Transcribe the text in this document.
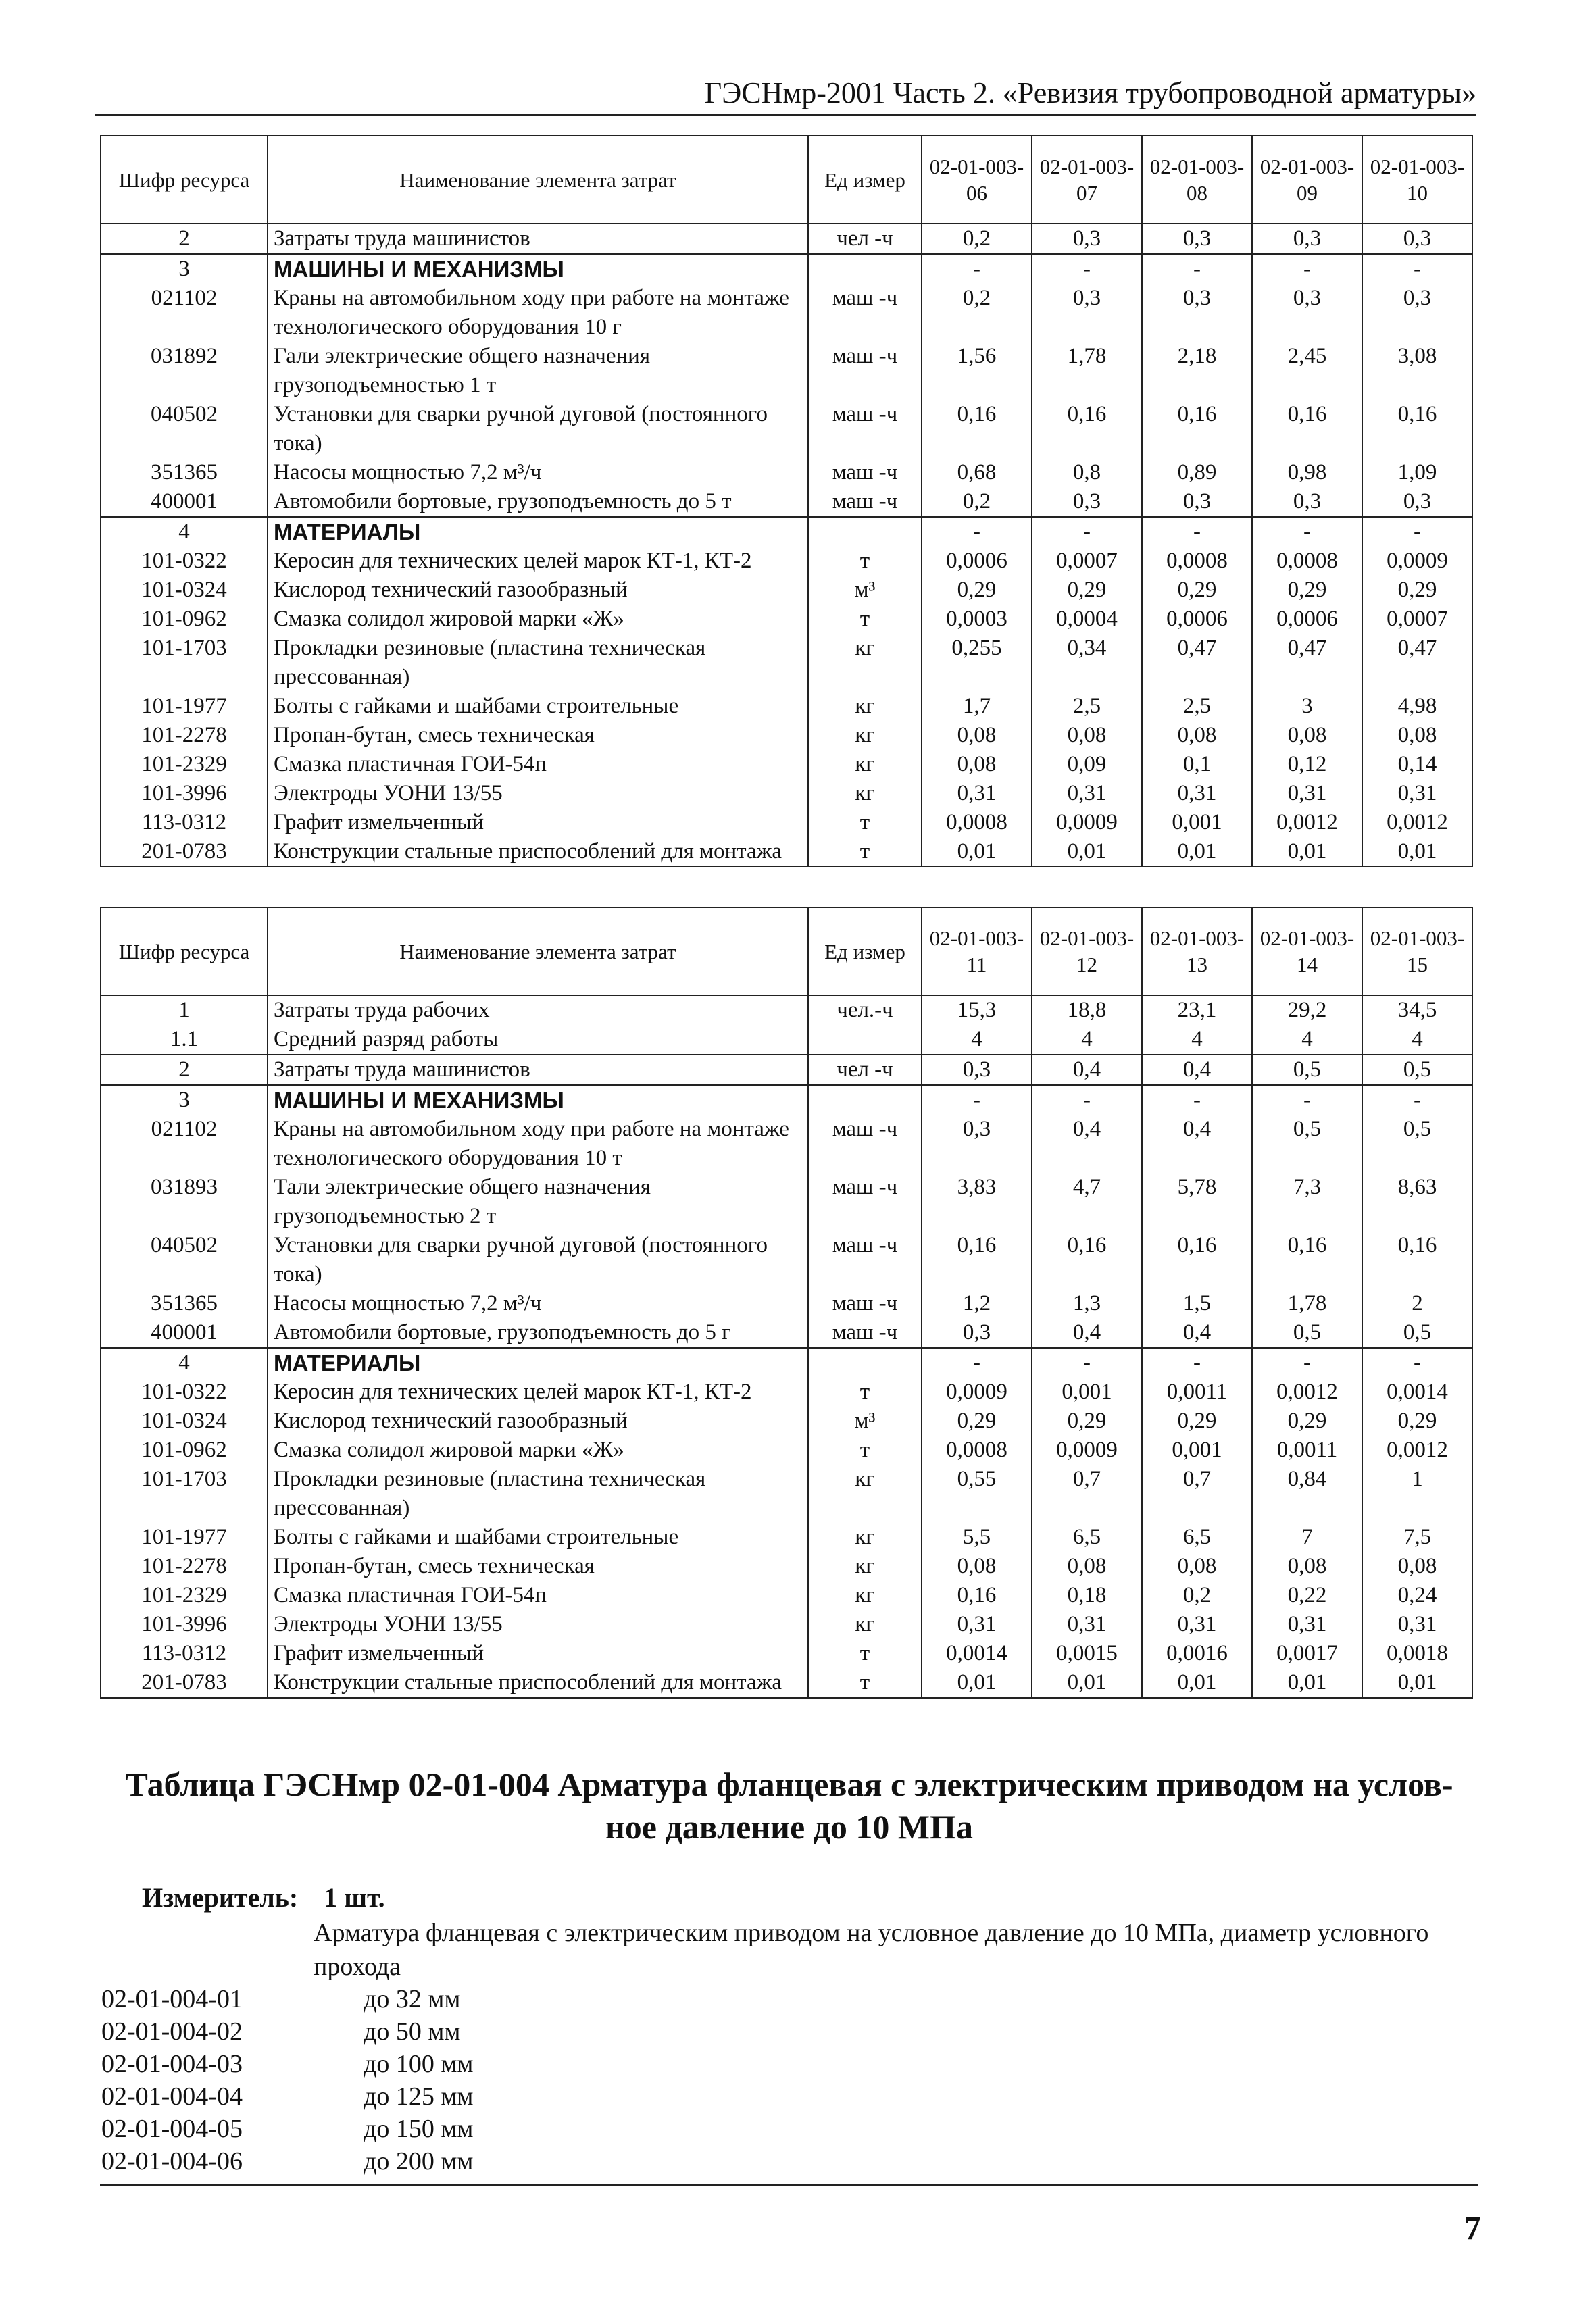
ГЭСНмр-2001 Часть 2. «Ревизия трубопроводной арматуры»
Шифр ресурса	Наименование элемента затрат	Ед измер	02-01-003-06	02-01-003-07	02-01-003-08	02-01-003-09	02-01-003-10
2	Затраты труда машинистов	чел -ч	0,2	0,3	0,3	0,3	0,3
3	МАШИНЫ И МЕХАНИЗМЫ		-	-	-	-	-
021102	Краны на автомобильном ходу при работе на монтаже технологического оборудования 10 г	маш -ч	0,2	0,3	0,3	0,3	0,3
031892	Гали электрические общего назначения грузоподъемностью 1 т	маш -ч	1,56	1,78	2,18	2,45	3,08
040502	Установки для сварки ручной дуговой (постоянного тока)	маш -ч	0,16	0,16	0,16	0,16	0,16
351365	Насосы мощностью 7,2 м³/ч	маш -ч	0,68	0,8	0,89	0,98	1,09
400001	Автомобили бортовые, грузоподъемность до 5 т	маш -ч	0,2	0,3	0,3	0,3	0,3
4	МАТЕРИАЛЫ		-	-	-	-	-
101-0322	Керосин для технических целей марок КТ-1, КТ-2	т	0,0006	0,0007	0,0008	0,0008	0,0009
101-0324	Кислород технический газообразный	м³	0,29	0,29	0,29	0,29	0,29
101-0962	Смазка солидол жировой марки «Ж»	т	0,0003	0,0004	0,0006	0,0006	0,0007
101-1703	Прокладки резиновые (пластина техническая прессованная)	кг	0,255	0,34	0,47	0,47	0,47
101-1977	Болты с гайками и шайбами строительные	кг	1,7	2,5	2,5	3	4,98
101-2278	Пропан-бутан, смесь техническая	кг	0,08	0,08	0,08	0,08	0,08
101-2329	Смазка пластичная ГОИ-54п	кг	0,08	0,09	0,1	0,12	0,14
101-3996	Электроды УОНИ 13/55	кг	0,31	0,31	0,31	0,31	0,31
113-0312	Графит измельченный	т	0,0008	0,0009	0,001	0,0012	0,0012
201-0783	Конструкции стальные приспособлений для монтажа	т	0,01	0,01	0,01	0,01	0,01
Шифр ресурса	Наименование элемента затрат	Ед измер	02-01-003-11	02-01-003-12	02-01-003-13	02-01-003-14	02-01-003-15
1	Затраты труда рабочих	чел.-ч	15,3	18,8	23,1	29,2	34,5
1.1	Средний разряд работы		4	4	4	4	4
2	Затраты труда машинистов	чел -ч	0,3	0,4	0,4	0,5	0,5
3	МАШИНЫ И МЕХАНИЗМЫ		-	-	-	-	-
021102	Краны на автомобильном ходу при работе на монтаже технологического оборудования 10 т	маш -ч	0,3	0,4	0,4	0,5	0,5
031893	Тали электрические общего назначения грузоподъемностью 2 т	маш -ч	3,83	4,7	5,78	7,3	8,63
040502	Установки для сварки ручной дуговой (постоянного тока)	маш -ч	0,16	0,16	0,16	0,16	0,16
351365	Насосы мощностью 7,2 м³/ч	маш -ч	1,2	1,3	1,5	1,78	2
400001	Автомобили бортовые, грузоподъемность до 5 г	маш -ч	0,3	0,4	0,4	0,5	0,5
4	МАТЕРИАЛЫ		-	-	-	-	-
101-0322	Керосин для технических целей марок КТ-1, КТ-2	т	0,0009	0,001	0,0011	0,0012	0,0014
101-0324	Кислород технический газообразный	м³	0,29	0,29	0,29	0,29	0,29
101-0962	Смазка солидол жировой марки «Ж»	т	0,0008	0,0009	0,001	0,0011	0,0012
101-1703	Прокладки резиновые (пластина техническая прессованная)	кг	0,55	0,7	0,7	0,84	1
101-1977	Болты с гайками и шайбами строительные	кг	5,5	6,5	6,5	7	7,5
101-2278	Пропан-бутан, смесь техническая	кг	0,08	0,08	0,08	0,08	0,08
101-2329	Смазка пластичная ГОИ-54п	кг	0,16	0,18	0,2	0,22	0,24
101-3996	Электроды УОНИ 13/55	кг	0,31	0,31	0,31	0,31	0,31
113-0312	Графит измельченный	т	0,0014	0,0015	0,0016	0,0017	0,0018
201-0783	Конструкции стальные приспособлений для монтажа	т	0,01	0,01	0,01	0,01	0,01
Таблица ГЭСНмр 02-01-004 Арматура фланцевая с электрическим приводом на услов-
ное давление до 10 МПа
Измеритель: 1 шт.
Арматура фланцевая с электрическим приводом на условное давление до 10 МПа, диаметр условного прохода
02-01-004-01	до 32 мм
02-01-004-02	до 50 мм
02-01-004-03	до 100 мм
02-01-004-04	до 125 мм
02-01-004-05	до 150 мм
02-01-004-06	до 200 мм
7
